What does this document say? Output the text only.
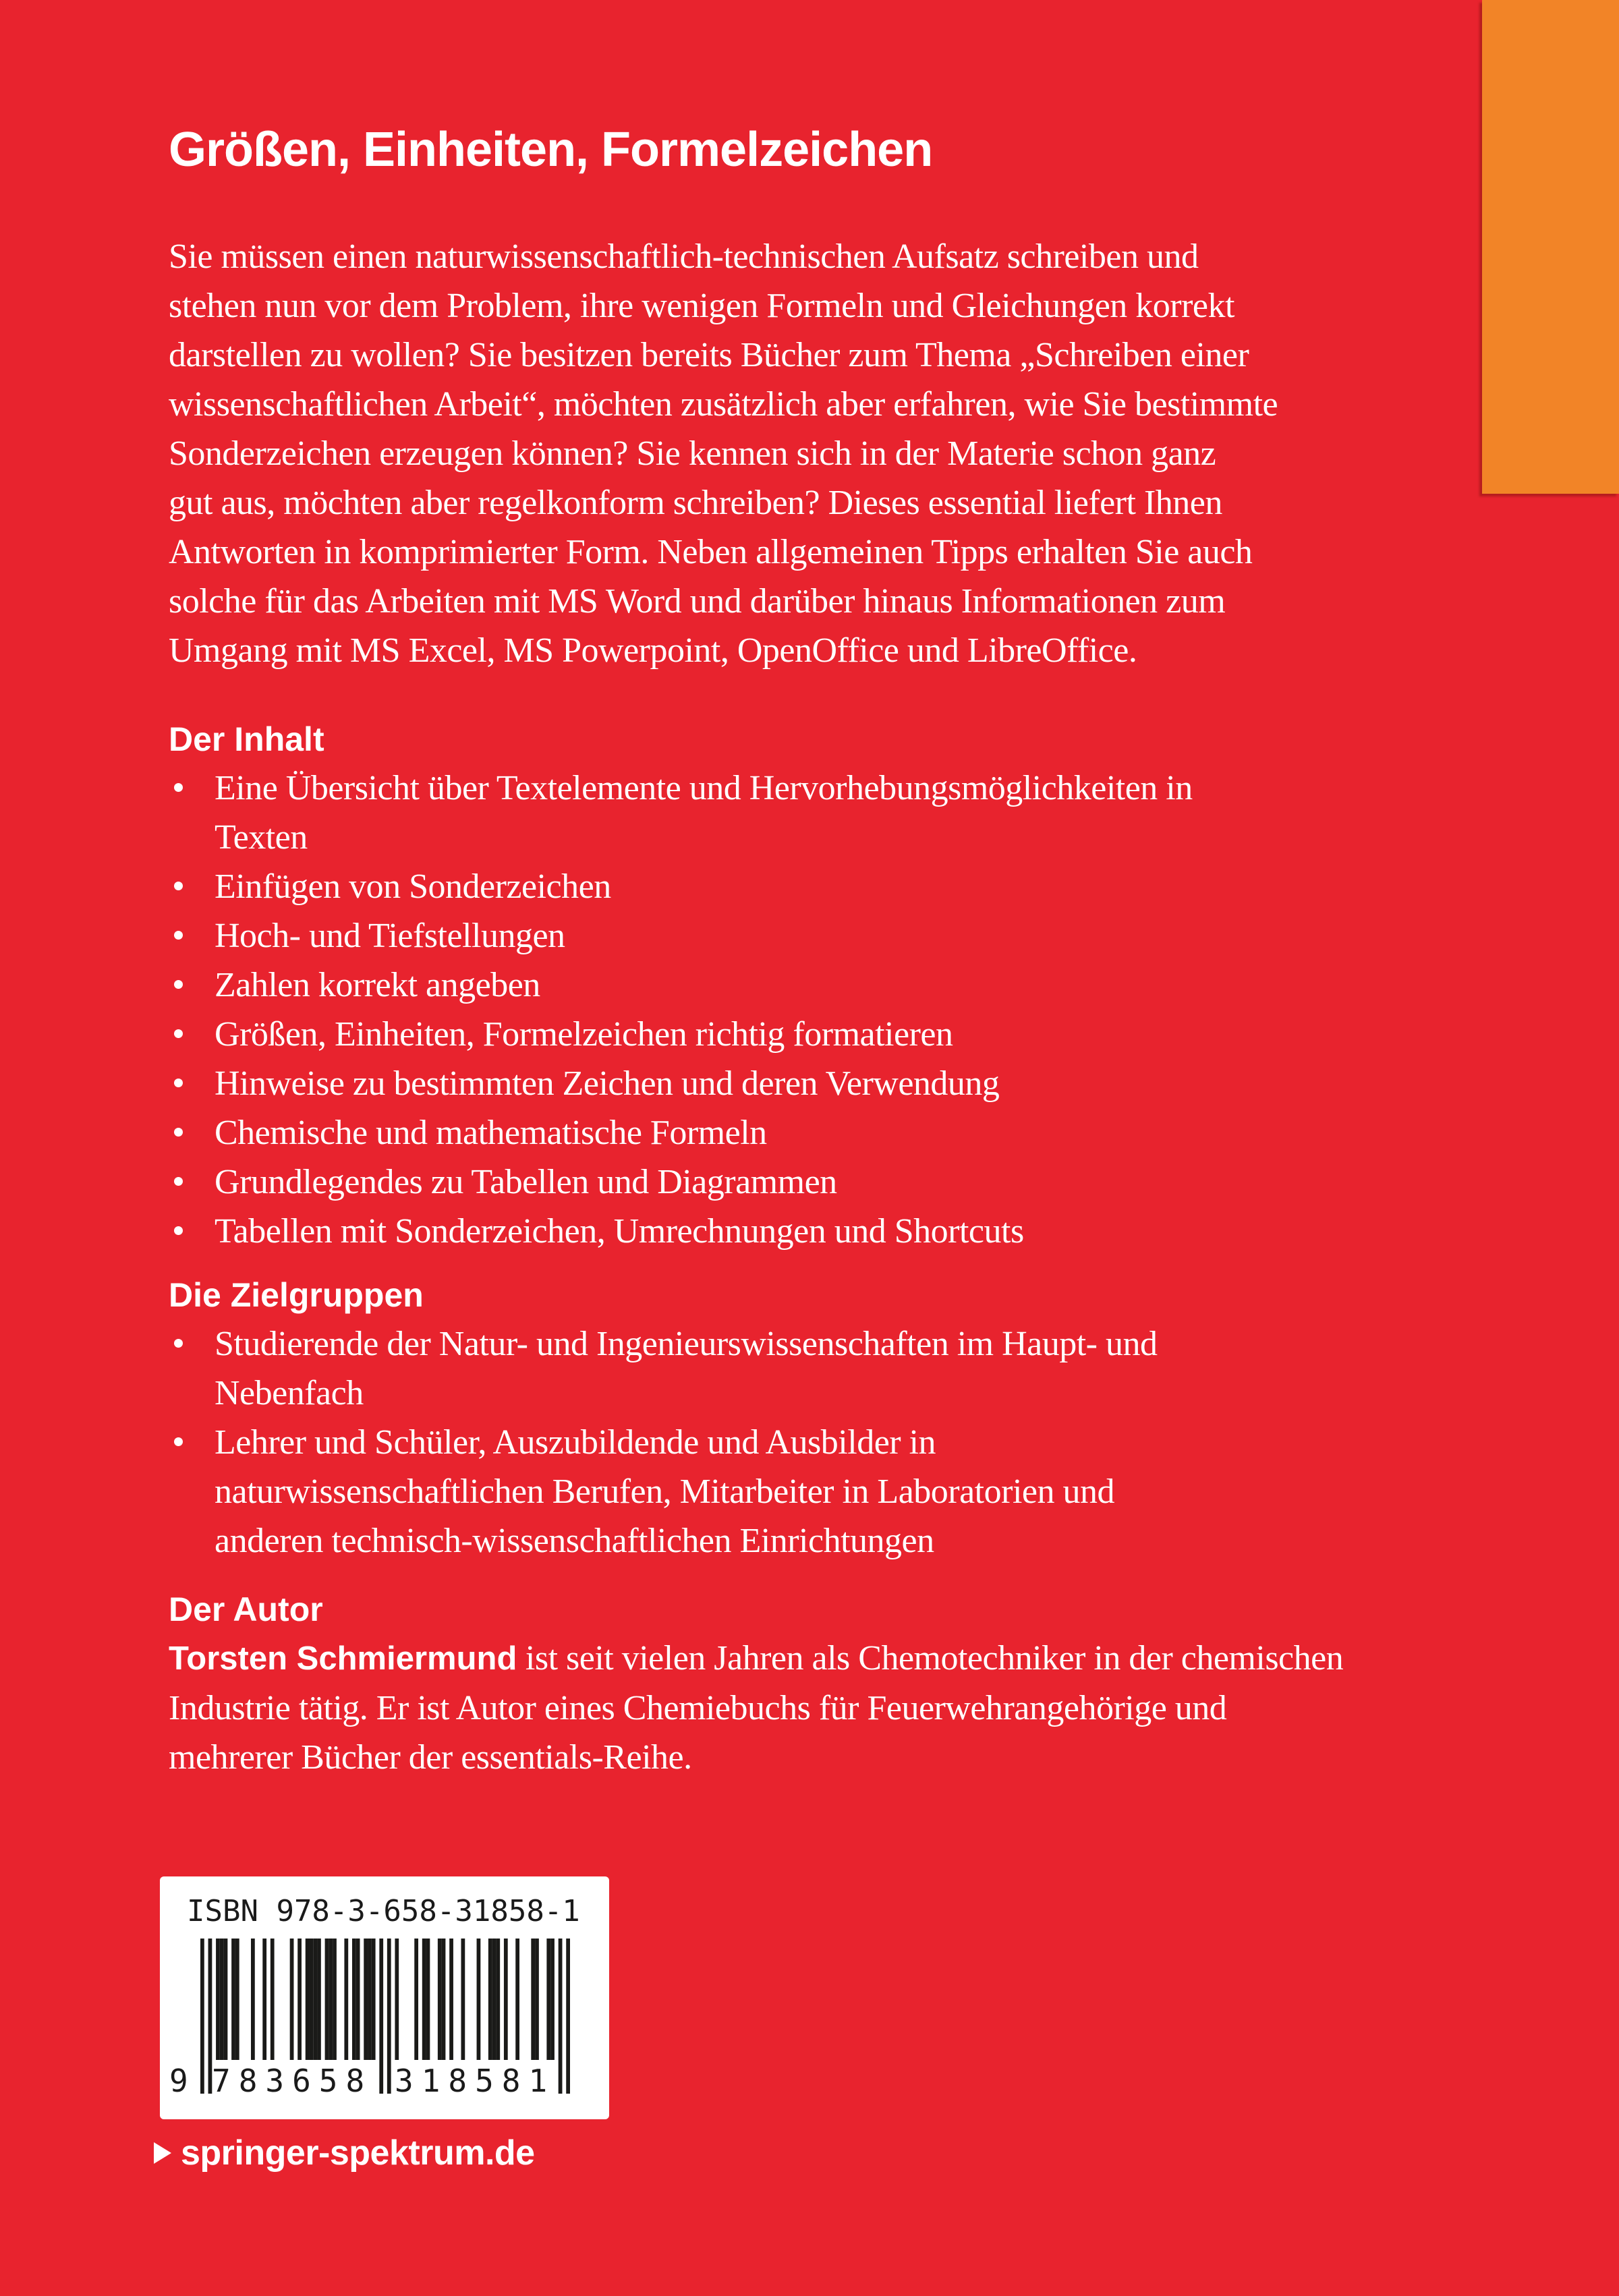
Größen, Einheiten, Formelzeichen
Sie müssen einen naturwissenschaftlich-technischen Aufsatz schreiben und
stehen nun vor dem Problem, ihre wenigen Formeln und Gleichungen korrekt
darstellen zu wollen? Sie besitzen bereits Bücher zum Thema „Schreiben einer
wissenschaftlichen Arbeit“, möchten zusätzlich aber erfahren, wie Sie bestimmte
Sonderzeichen erzeugen können? Sie kennen sich in der Materie schon ganz
gut aus, möchten aber regelkonform schreiben? Dieses essential liefert Ihnen
Antworten in komprimierter Form. Neben allgemeinen Tipps erhalten Sie auch
solche für das Arbeiten mit MS Word und darüber hinaus Informationen zum
Umgang mit MS Excel, MS Powerpoint, OpenOffice und LibreOffice.
Der Inhalt
Eine Übersicht über Textelemente und Hervorhebungsmöglichkeiten in
Texten
Einfügen von Sonderzeichen
Hoch- und Tiefstellungen
Zahlen korrekt angeben
Größen, Einheiten, Formelzeichen richtig formatieren
Hinweise zu bestimmten Zeichen und deren Verwendung
Chemische und mathematische Formeln
Grundlegendes zu Tabellen und Diagrammen
Tabellen mit Sonderzeichen, Umrechnungen und Shortcuts
Die Zielgruppen
Studierende der Natur- und Ingenieurswissenschaften im Haupt- und
Nebenfach
Lehrer und Schüler, Auszubildende und Ausbilder in
naturwissenschaftlichen Berufen, Mitarbeiter in Laboratorien und
anderen technisch-wissenschaftlichen Einrichtungen
Der Autor
Torsten Schmiermund ist seit vielen Jahren als Chemotechniker in der chemischen
Industrie tätig. Er ist Autor eines Chemiebuchs für Feuerwehrangehörige und
mehrerer Bücher der essentials-Reihe.
ISBN 978-3-658-31858-1
9 783658 318581
springer-spektrum.de
